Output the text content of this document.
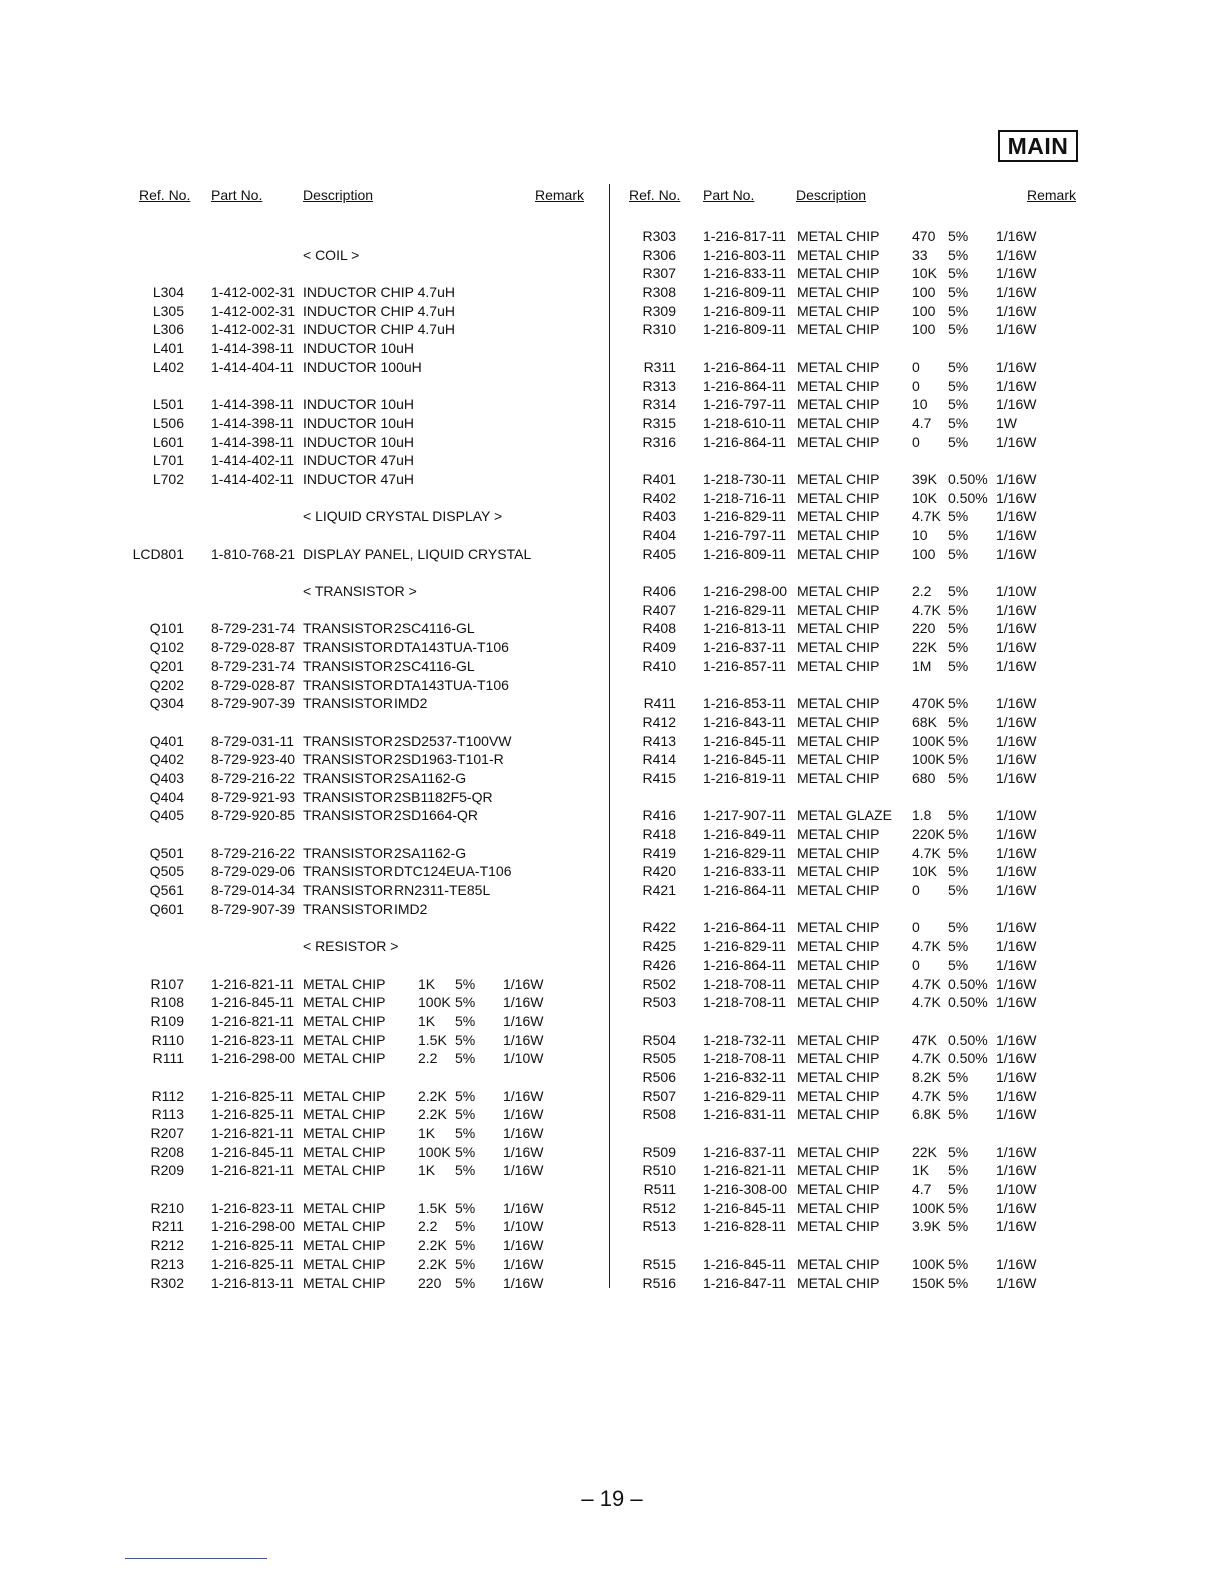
MAIN
Ref. No. Part No.	Description	Remark	Ref. No. Part No.	Description	Remark
< COIL >
L304 1-412-002-31 INDUCTOR CHIP 4.7uH
L305 1-412-002-31 INDUCTOR CHIP 4.7uH
L306 1-412-002-31 INDUCTOR CHIP 4.7uH
L401 1-414-398-11 INDUCTOR 10uH
L402 1-414-404-11 INDUCTOR 100uH
L501 1-414-398-11 INDUCTOR 10uH
L506 1-414-398-11 INDUCTOR 10uH
L601 1-414-398-11 INDUCTOR 10uH
L701 1-414-402-11 INDUCTOR 47uH
L702 1-414-402-11 INDUCTOR 47uH
< LIQUID CRYSTAL DISPLAY >
LCD801 1-810-768-21 DISPLAY PANEL, LIQUID CRYSTAL
< TRANSISTOR >
Q101 8-729-231-74 TRANSISTOR 2SC4116-GL
Q102 8-729-028-87 TRANSISTOR DTA143TUA-T106
Q201 8-729-231-74 TRANSISTOR 2SC4116-GL
Q202 8-729-028-87 TRANSISTOR DTA143TUA-T106
Q304 8-729-907-39 TRANSISTOR IMD2
Q401 8-729-031-11 TRANSISTOR 2SD2537-T100VW
Q402 8-729-923-40 TRANSISTOR 2SD1963-T101-R
Q403 8-729-216-22 TRANSISTOR 2SA1162-G
Q404 8-729-921-93 TRANSISTOR 2SB1182F5-QR
Q405 8-729-920-85 TRANSISTOR 2SD1664-QR
Q501 8-729-216-22 TRANSISTOR 2SA1162-G
Q505 8-729-029-06 TRANSISTOR DTC124EUA-T106
Q561 8-729-014-34 TRANSISTOR RN2311-TE85L
Q601 8-729-907-39 TRANSISTOR IMD2
< RESISTOR >
R107 1-216-821-11 METAL CHIP 1K 5% 1/16W
R108 1-216-845-11 METAL CHIP 100K 5% 1/16W
R109 1-216-821-11 METAL CHIP 1K 5% 1/16W
R110 1-216-823-11 METAL CHIP 1.5K 5% 1/16W
R111 1-216-298-00 METAL CHIP 2.2 5% 1/10W
R112 1-216-825-11 METAL CHIP 2.2K 5% 1/16W
R113 1-216-825-11 METAL CHIP 2.2K 5% 1/16W
R207 1-216-821-11 METAL CHIP 1K 5% 1/16W
R208 1-216-845-11 METAL CHIP 100K 5% 1/16W
R209 1-216-821-11 METAL CHIP 1K 5% 1/16W
R210 1-216-823-11 METAL CHIP 1.5K 5% 1/16W
R211 1-216-298-00 METAL CHIP 2.2 5% 1/10W
R212 1-216-825-11 METAL CHIP 2.2K 5% 1/16W
R213 1-216-825-11 METAL CHIP 2.2K 5% 1/16W
R302 1-216-813-11 METAL CHIP 220 5% 1/16W
R303 1-216-817-11 METAL CHIP 470 5% 1/16W
R306 1-216-803-11 METAL CHIP 33 5% 1/16W
R307 1-216-833-11 METAL CHIP 10K 5% 1/16W
R308 1-216-809-11 METAL CHIP 100 5% 1/16W
R309 1-216-809-11 METAL CHIP 100 5% 1/16W
R310 1-216-809-11 METAL CHIP 100 5% 1/16W
R311 1-216-864-11 METAL CHIP 0 5% 1/16W
R313 1-216-864-11 METAL CHIP 0 5% 1/16W
R314 1-216-797-11 METAL CHIP 10 5% 1/16W
R315 1-218-610-11 METAL CHIP 4.7 5% 1W
R316 1-216-864-11 METAL CHIP 0 5% 1/16W
R401 1-218-730-11 METAL CHIP 39K 0.50% 1/16W
R402 1-218-716-11 METAL CHIP 10K 0.50% 1/16W
R403 1-216-829-11 METAL CHIP 4.7K 5% 1/16W
R404 1-216-797-11 METAL CHIP 10 5% 1/16W
R405 1-216-809-11 METAL CHIP 100 5% 1/16W
R406 1-216-298-00 METAL CHIP 2.2 5% 1/10W
R407 1-216-829-11 METAL CHIP 4.7K 5% 1/16W
R408 1-216-813-11 METAL CHIP 220 5% 1/16W
R409 1-216-837-11 METAL CHIP 22K 5% 1/16W
R410 1-216-857-11 METAL CHIP 1M 5% 1/16W
R411 1-216-853-11 METAL CHIP 470K 5% 1/16W
R412 1-216-843-11 METAL CHIP 68K 5% 1/16W
R413 1-216-845-11 METAL CHIP 100K 5% 1/16W
R414 1-216-845-11 METAL CHIP 100K 5% 1/16W
R415 1-216-819-11 METAL CHIP 680 5% 1/16W
R416 1-217-907-11 METAL GLAZE 1.8 5% 1/10W
R418 1-216-849-11 METAL CHIP 220K 5% 1/16W
R419 1-216-829-11 METAL CHIP 4.7K 5% 1/16W
R420 1-216-833-11 METAL CHIP 10K 5% 1/16W
R421 1-216-864-11 METAL CHIP 0 5% 1/16W
R422 1-216-864-11 METAL CHIP 0 5% 1/16W
R425 1-216-829-11 METAL CHIP 4.7K 5% 1/16W
R426 1-216-864-11 METAL CHIP 0 5% 1/16W
R502 1-218-708-11 METAL CHIP 4.7K 0.50% 1/16W
R503 1-218-708-11 METAL CHIP 4.7K 0.50% 1/16W
R504 1-218-732-11 METAL CHIP 47K 0.50% 1/16W
R505 1-218-708-11 METAL CHIP 4.7K 0.50% 1/16W
R506 1-216-832-11 METAL CHIP 8.2K 5% 1/16W
R507 1-216-829-11 METAL CHIP 4.7K 5% 1/16W
R508 1-216-831-11 METAL CHIP 6.8K 5% 1/16W
R509 1-216-837-11 METAL CHIP 22K 5% 1/16W
R510 1-216-821-11 METAL CHIP 1K 5% 1/16W
R511 1-216-308-00 METAL CHIP 4.7 5% 1/10W
R512 1-216-845-11 METAL CHIP 100K 5% 1/16W
R513 1-216-828-11 METAL CHIP 3.9K 5% 1/16W
R515 1-216-845-11 METAL CHIP 100K 5% 1/16W
R516 1-216-847-11 METAL CHIP 150K 5% 1/16W
– 19 –
